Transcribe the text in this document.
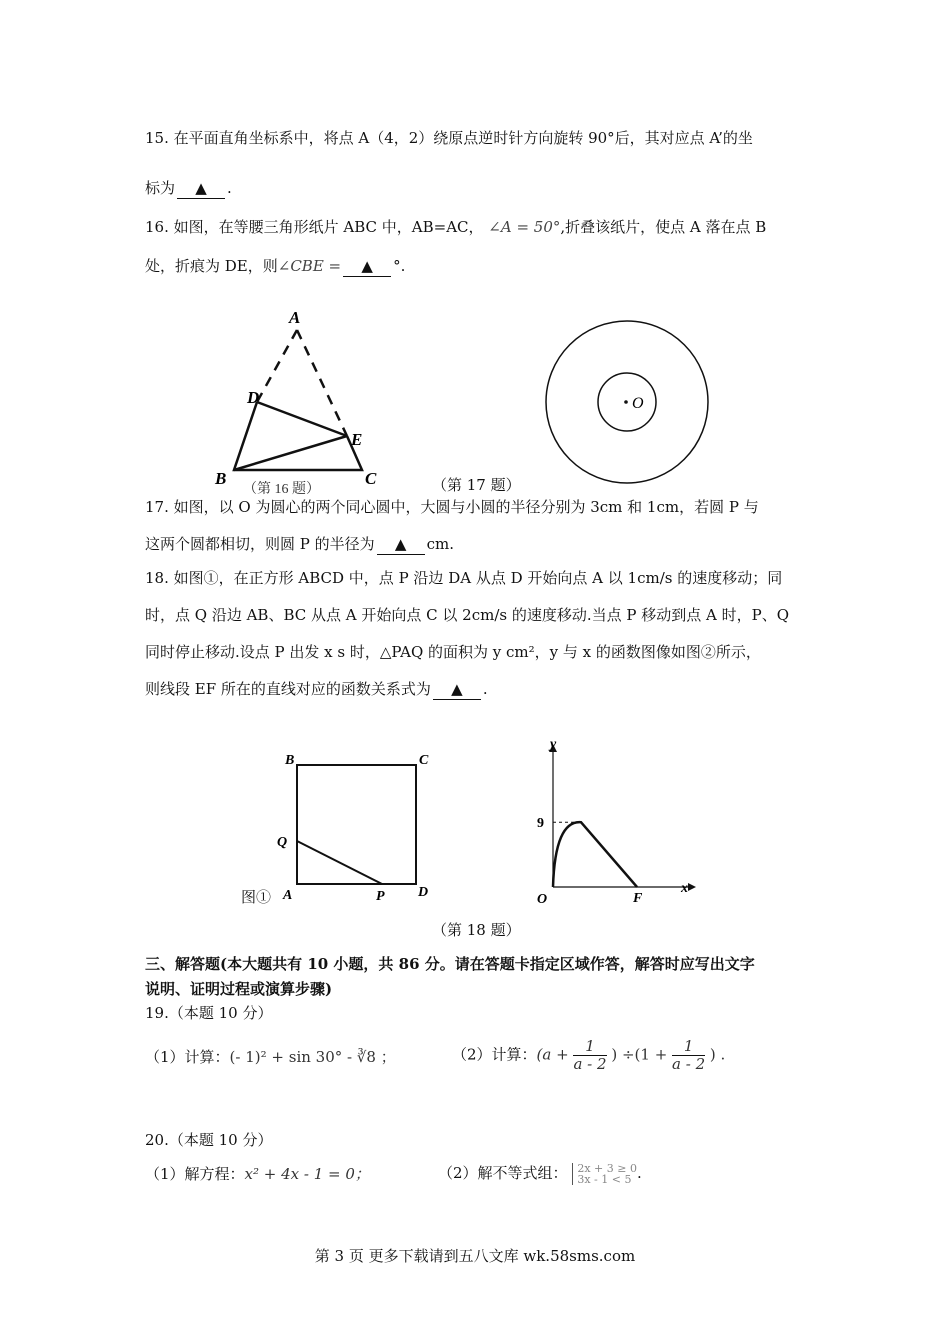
15. 在平面直角坐标系中，将点 A（4，2）绕原点逆时针方向旋转 90°后，其对应点 A’的坐
标为 ▲ .
16. 如图，在等腰三角形纸片 ABC 中，AB=AC， ∠A = 50°,折叠该纸片，使点 A 落在点 B
处，折痕为 DE，则∠CBE = ▲ °.
A
D
E
B	C
（第 16 题）
O
（第 17 题）
17. 如图，以 O 为圆心的两个同心圆中，大圆与小圆的半径分别为 3cm 和 1cm，若圆 P 与
这两个圆都相切，则圆 P 的半径为 ▲ cm.
18. 如图①，在正方形 ABCD 中，点 P 沿边 DA 从点 D 开始向点 A 以 1cm/s 的速度移动；同
时，点 Q 沿边 AB、BC 从点 A 开始向点 C 以 2cm/s 的速度移动.当点 P 移动到点 A 时，P、Q
同时停止移动.设点 P 出发 x s 时，△PAQ 的面积为 y cm²，y 与 x 的函数图像如图②所示，
则线段 EF 所在的直线对应的函数关系式为 ▲ .
图①
B	C
Q
A	P D
y
9
O	F
x
（第 18 题）
三、解答题(本大题共有 10 小题，共 86 分。请在答题卡指定区域作答，解答时应写出文字
说明、证明过程或演算步骤)
19.（本题 10 分）
（1）计算：(- 1)² + sin 30° - ∛8 ；	（2）计算：($a + \frac{1}{a - 2}$ ) $\div(1 + \frac{1}{a - 2}$ ) .
20.（本题 10 分）
（1）解方程：x² + 4x - 1 = 0；	（2）解不等式组： 2x + 3 ≥ 0
3x - 1 < 5 .
第 3 页 更多下载请到五八文库 wk.58sms.com
